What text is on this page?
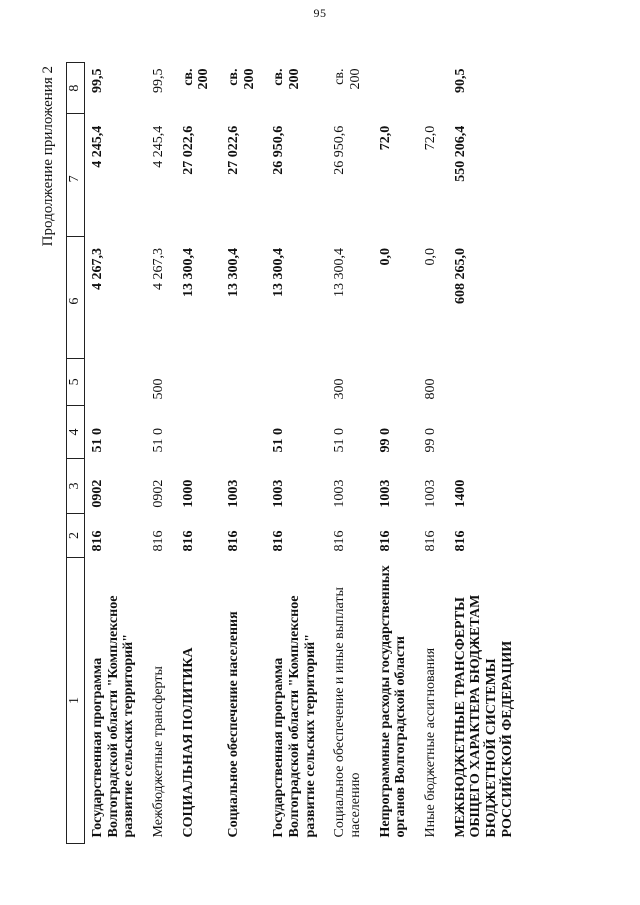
95
Продолжение приложения 2
1	2	3	4	5	6	7	8
Государственная программа Волгоградской области "Комплексное развитие сельских территорий"	816	0902	51 0		4 267,3	4 245,4	99,5
Межбюджетные трансферты	816	0902	51 0	500	4 267,3	4 245,4	99,5
СОЦИАЛЬНАЯ ПОЛИТИКА	816	1000			13 300,4	27 022,6	св. 200
Социальное обеспечение населения	816	1003			13 300,4	27 022,6	св. 200
Государственная программа Волгоградской области "Комплексное развитие сельских территорий"	816	1003	51 0		13 300,4	26 950,6	св. 200
Социальное обеспечение и иные выплаты населению	816	1003	51 0	300	13 300,4	26 950,6	св. 200
Непрограммные расходы государственных органов Волгоградской области	816	1003	99 0		0,0	72,0	
Иные бюджетные ассигнования	816	1003	99 0	800	0,0	72,0	
МЕЖБЮДЖЕТНЫЕ ТРАНСФЕРТЫ ОБЩЕГО ХАРАКТЕРА БЮДЖЕТАМ БЮДЖЕТНОЙ СИСТЕМЫ РОССИЙСКОЙ ФЕДЕРАЦИИ	816	1400			608 265,0	550 206,4	90,5
